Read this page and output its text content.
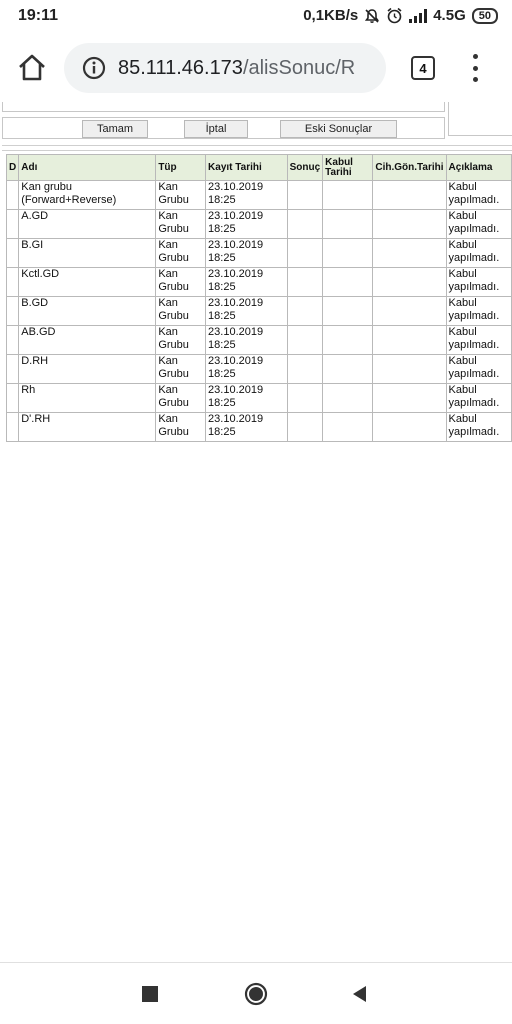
19:11	0,1KB/s	4.5G	50
85.111.46.173/alisSonuc/R	4
Tamam	İptal	Eski Sonuçlar
D	Adı	Tüp	Kayıt Tarihi	Sonuç	Kabul Tarihi	Cih.Gön.Tarihi	Açıklama
	Kan grubu (Forward+Reverse)	Kan Grubu	23.10.2019
18:25				Kabul yapılmadı.
	A.GD	Kan Grubu	23.10.2019
18:25				Kabul yapılmadı.
	B.GI	Kan Grubu	23.10.2019
18:25				Kabul yapılmadı.
	Kctl.GD	Kan Grubu	23.10.2019
18:25				Kabul yapılmadı.
	B.GD	Kan Grubu	23.10.2019
18:25				Kabul yapılmadı.
	AB.GD	Kan Grubu	23.10.2019
18:25				Kabul yapılmadı.
	D.RH	Kan Grubu	23.10.2019
18:25				Kabul yapılmadı.
	Rh	Kan Grubu	23.10.2019
18:25				Kabul yapılmadı.
	D'.RH	Kan Grubu	23.10.2019
18:25				Kabul yapılmadı.
